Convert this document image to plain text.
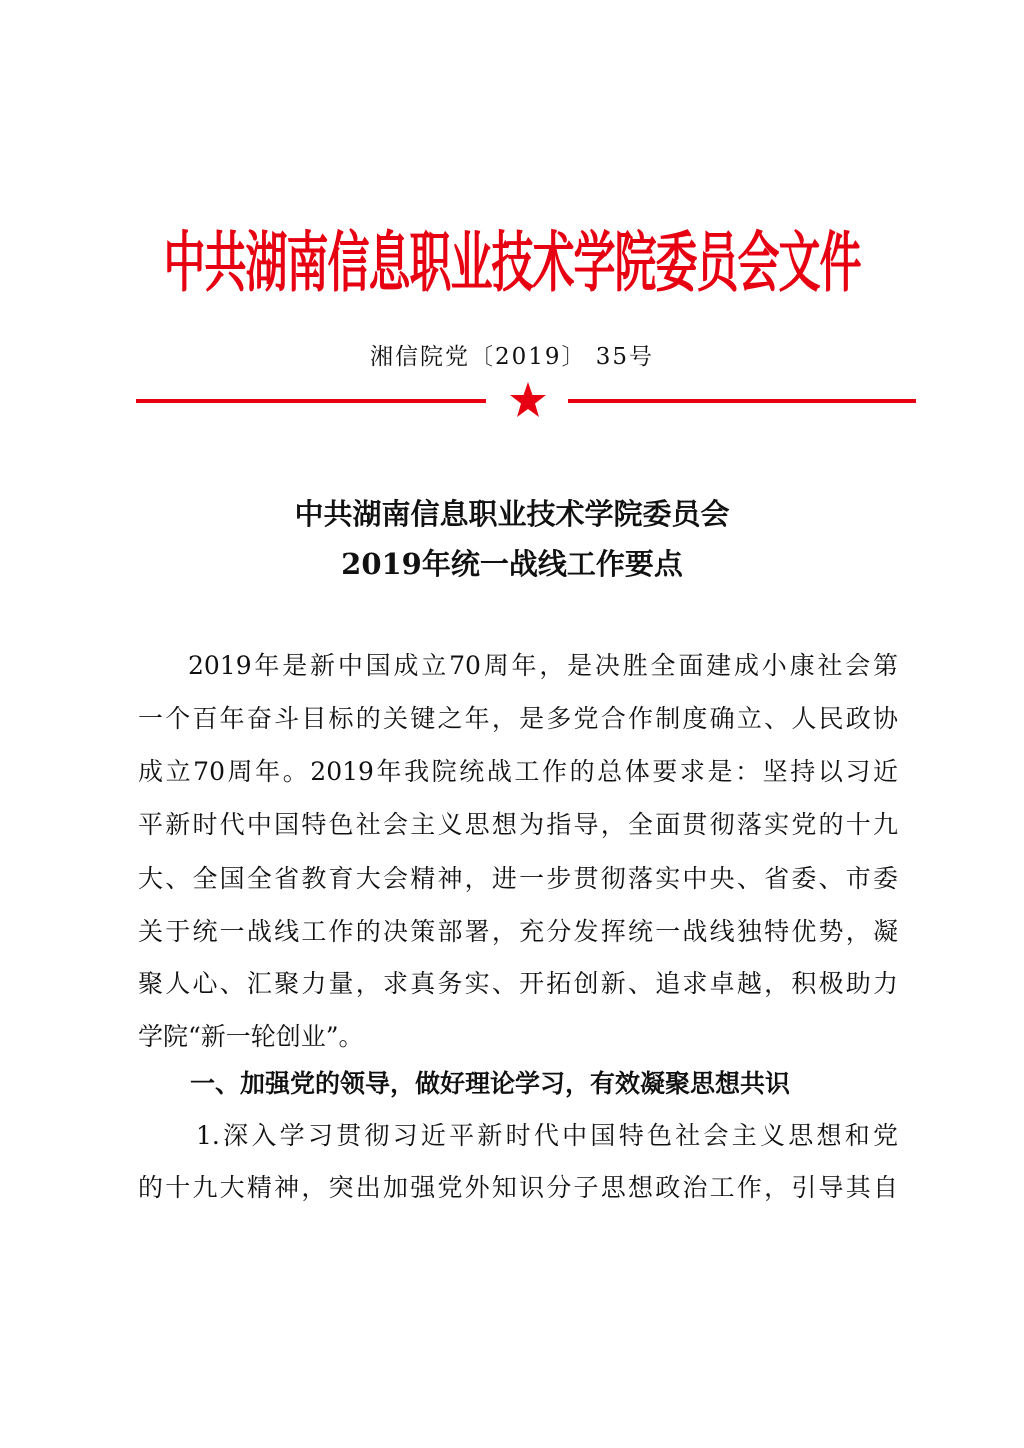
中共湖南信息职业技术学院委员会文件
湘信院党〔2019〕 35号
中共湖南信息职业技术学院委员会
2019年统一战线工作要点
2019年是新中国成立70周年，是决胜全面建成小康社会第
一个百年奋斗目标的关键之年，是多党合作制度确立、人民政协
成立70周年。2019年我院统战工作的总体要求是：坚持以习近
平新时代中国特色社会主义思想为指导，全面贯彻落实党的十九
大、全国全省教育大会精神，进一步贯彻落实中央、省委、市委
关于统一战线工作的决策部署，充分发挥统一战线独特优势，凝
聚人心、汇聚力量，求真务实、开拓创新、追求卓越，积极助力
学院“新一轮创业”。
一、加强党的领导，做好理论学习，有效凝聚思想共识
1.深入学习贯彻习近平新时代中国特色社会主义思想和党
的十九大精神，突出加强党外知识分子思想政治工作，引导其自
